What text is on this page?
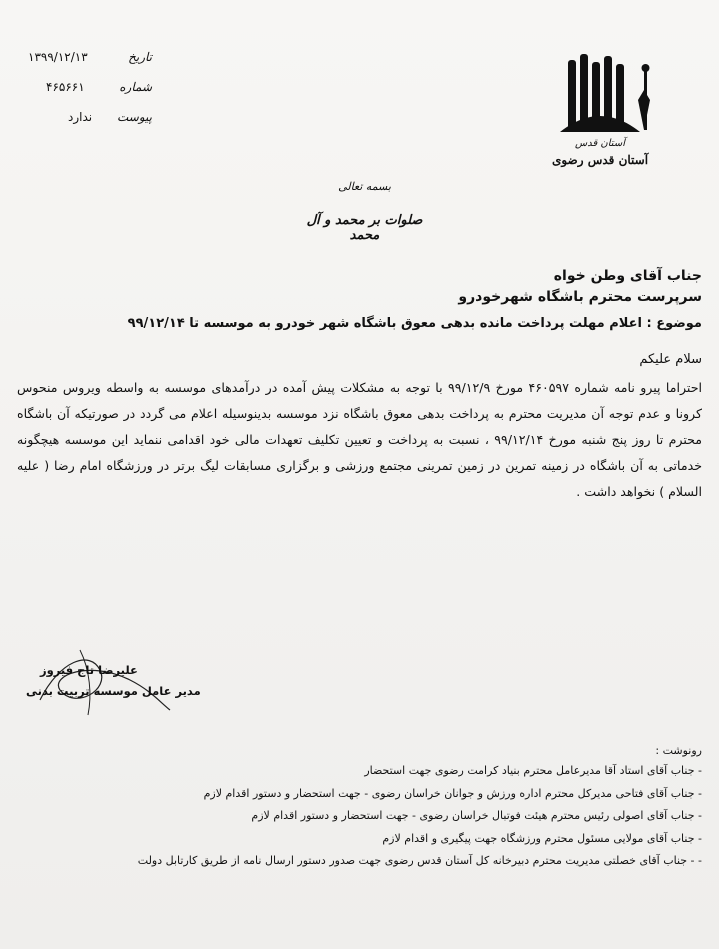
۱۳۹۹/۱۲/۱۳	تاریخ
۴۶۵۶۶۱	شماره
ندارد	پیوست
آستان قدس
آستان قدس رضوی
بسمه تعالی
صلوات بر محمد و آل محمد
جناب آقای وطن خواه
سرپرست محترم باشگاه شهرخودرو
موضوع : اعلام مهلت پرداخت مانده بدهی معوق باشگاه شهر خودرو به موسسه تا ۹۹/۱۲/۱۴
سلام علیکم
احتراما پیرو نامه شماره ۴۶۰۵۹۷ مورخ ۹۹/۱۲/۹ با توجه به مشکلات پیش آمده در درآمدهای موسسه به واسطه ویروس منحوس کرونا و عدم توجه آن مدیریت محترم به پرداخت بدهی معوق باشگاه نزد موسسه بدینوسیله اعلام می گردد در صورتیکه آن باشگاه محترم تا روز پنج شنبه مورخ ۹۹/۱۲/۱۴ ، نسبت به پرداخت و تعیین تکلیف تعهدات مالی خود اقدامی ننماید این موسسه هیچگونه خدماتی به آن باشگاه در زمینه تمرین در زمین تمرینی مجتمع ورزشی و برگزاری مسابقات لیگ برتر در ورزشگاه امام رضا ( علیه السلام ) نخواهد داشت .
علیرضا تاج فیروز
مدیر عامل موسسه تربیت بدنی
رونوشت :
- جناب آقای استاد آقا مدیرعامل محترم بنیاد کرامت رضوی جهت استحضار
- جناب آقای فتاحی مدیرکل محترم اداره ورزش و جوانان خراسان رضوی - جهت استحضار و دستور اقدام لازم
- جناب آقای اصولی رئیس محترم هیئت فوتبال خراسان رضوی - جهت استحضار و دستور اقدام لازم
- جناب آقای مولایی مسئول محترم ورزشگاه جهت پیگیری و اقدام لازم
- - جناب آقای خصلتی مدیریت محترم دبیرخانه کل آستان قدس رضوی جهت صدور دستور ارسال نامه از طریق کارتابل دولت
